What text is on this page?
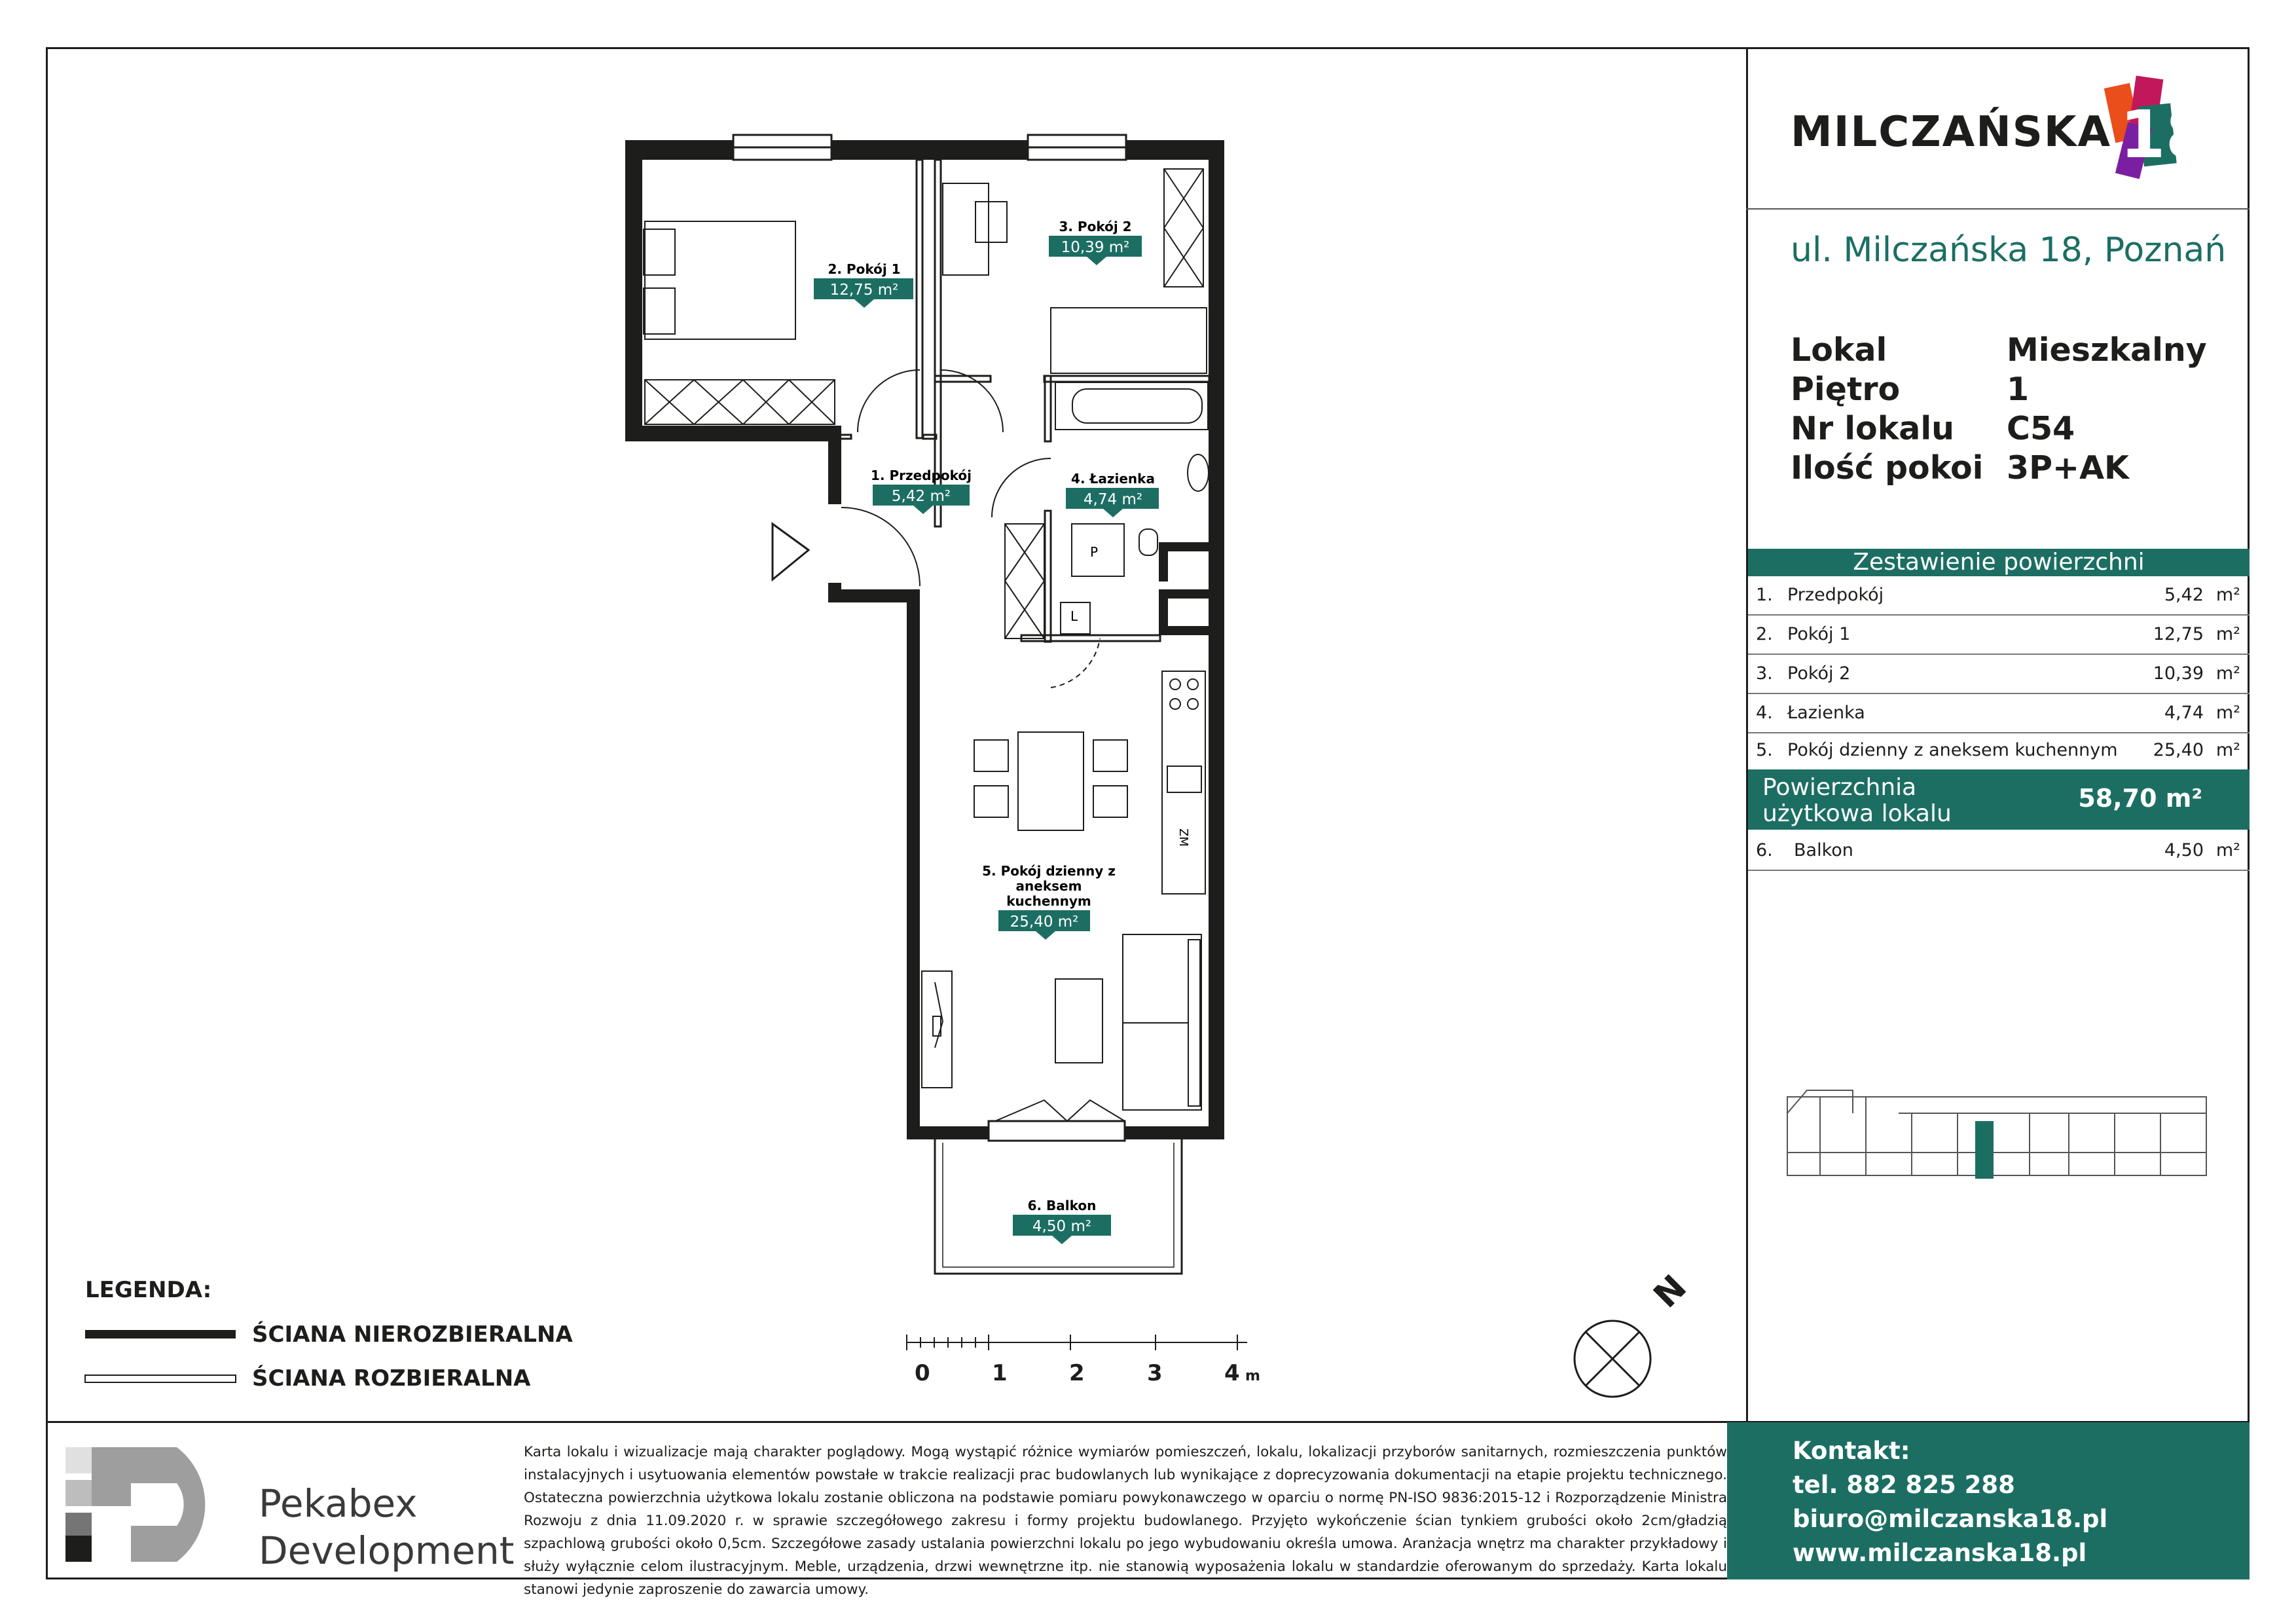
2. Pokój 1
12,75 m²
3. Pokój 2
10,39 m²
1. Przedpokój
5,42 m²
4. Łazienka
4,74 m²
5. Pokój dzienny z
aneksem
kuchennym
25,40 m²
6. Balkon
4,50 m²
P
L
ZM
0	1	2	3	4 m
N
18
MILCZAŃSKA
ul. Milczańska 18, Poznań
Lokal	Mieszkalny
Piętro	1
Nr lokalu	C54
Ilość pokoi 3P+AK
Zestawienie powierzchni
1. Przedpokój	5,42 m²
2. Pokój 1	12,75 m²
3. Pokój 2	10,39 m²
4. Łazienka	4,74 m²
5. Pokój dzienny z aneksem kuchennym 25,40 m²
Powierzchnia użytkowa lokalu
58,70 m²
6. Balkon	4,50 m²
LEGENDA:
ŚCIANA NIEROZBIERALNA
ŚCIANA ROZBIERALNA
Pekabex
Development
Karta lokalu i wizualizacje mają charakter poglądowy. Mogą wystąpić różnice wymiarów pomieszczeń, lokalu, lokalizacji przyborów sanitarnych, rozmieszczenia punktów instalacyjnych i usytuowania elementów powstałe w trakcie realizacji prac budowlanych lub wynikające z doprecyzowania dokumentacji na etapie projektu technicznego. Ostateczna powierzchnia użytkowa lokalu zostanie obliczona na podstawie pomiaru powykonawczego w oparciu o normę PN-ISO 9836:2015-12 i Rozporządzenie Ministra Rozwoju z dnia 11.09.2020 r. w sprawie szczegółowego zakresu i formy projektu budowlanego. Przyjęto wykończenie ścian tynkiem grubości około 2cm/gładzią szpachlową grubości około 0,5cm. Szczegółowe zasady ustalania powierzchni lokalu po jego wybudowaniu określa umowa. Aranżacja wnętrz ma charakter przykładowy i służy wyłącznie celom ilustracyjnym. Meble, urządzenia, drzwi wewnętrzne itp. nie stanowią wyposażenia lokalu w standardzie oferowanym do sprzedaży. Karta lokalu stanowi jedynie zaproszenie do zawarcia umowy.
Kontakt:
tel. 882 825 288
biuro@milczanska18.pl
www.milczanska18.pl
